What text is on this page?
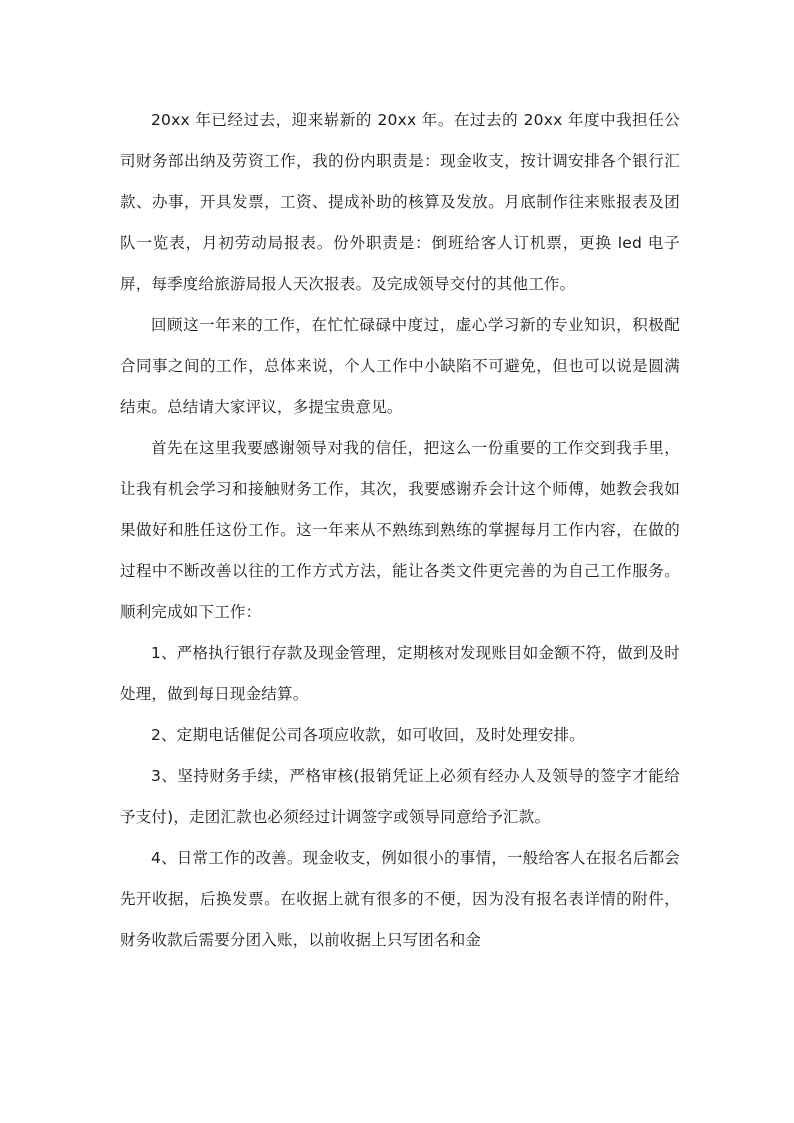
20xx 年已经过去，迎来崭新的 20xx 年。在过去的 20xx 年度中我担任公司财务部出纳及劳资工作，我的份内职责是：现金收支，按计调安排各个银行汇款、办事，开具发票，工资、提成补助的核算及发放。月底制作往来账报表及团队一览表，月初劳动局报表。份外职责是：倒班给客人订机票，更换 led 电子屏，每季度给旅游局报人天次报表。及完成领导交付的其他工作。

回顾这一年来的工作，在忙忙碌碌中度过，虚心学习新的专业知识，积极配合同事之间的工作，总体来说，个人工作中小缺陷不可避免，但也可以说是圆满结束。总结请大家评议，多提宝贵意见。

首先在这里我要感谢领导对我的信任，把这么一份重要的工作交到我手里，让我有机会学习和接触财务工作，其次，我要感谢乔会计这个师傅，她教会我如果做好和胜任这份工作。这一年来从不熟练到熟练的掌握每月工作内容，在做的过程中不断改善以往的工作方式方法，能让各类文件更完善的为自己工作服务。顺利完成如下工作：

1、严格执行银行存款及现金管理，定期核对发现账目如金额不符，做到及时处理，做到每日现金结算。

2、定期电话催促公司各项应收款，如可收回，及时处理安排。

3、坚持财务手续，严格审核(报销凭证上必须有经办人及领导的签字才能给予支付)，走团汇款也必须经过计调签字或领导同意给予汇款。

4、日常工作的改善。现金收支，例如很小的事情，一般给客人在报名后都会先开收据，后换发票。在收据上就有很多的不便，因为没有报名表详情的附件，财务收款后需要分团入账，以前收据上只写团名和金
